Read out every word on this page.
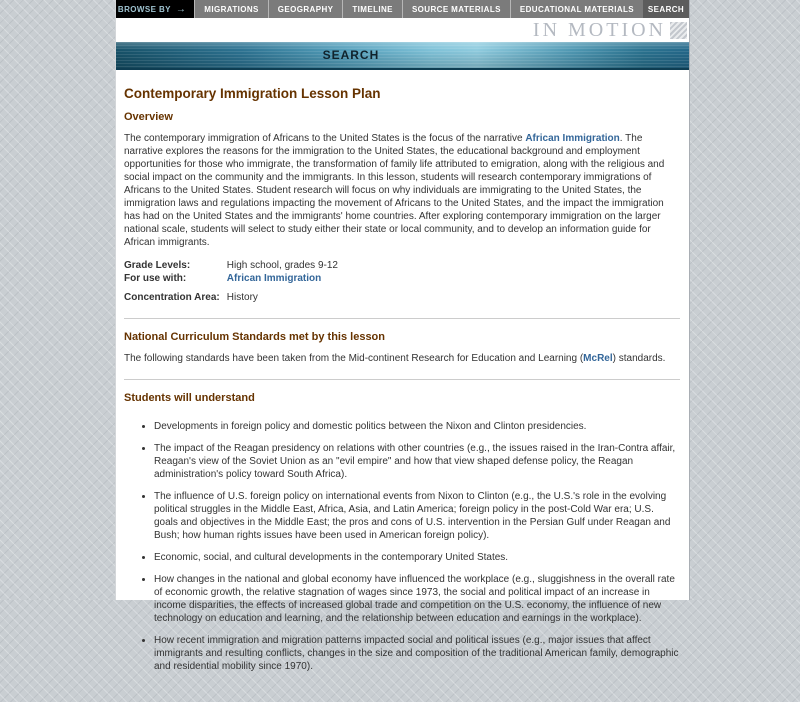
BROWSE BY →	MIGRATIONS	GEOGRAPHY	TIMELINE	SOURCE MATERIALS	EDUCATIONAL MATERIALS	SEARCH
IN MOTION
SEARCH
Contemporary Immigration Lesson Plan
Overview

The contemporary immigration of Africans to the United States is the focus of the narrative African Immigration. The narrative explores the reasons for the immigration to the United States, the educational background and employment opportunities for those who immigrate, the transformation of family life attributed to emigration, along with the religious and social impact on the community and the immigrants. In this lesson, students will research contemporary immigrations of Africans to the United States. Student research will focus on why individuals are immigrating to the United States, the immigration laws and regulations impacting the movement of Africans to the United States, and the impact the immigration has had on the United States and the immigrants' home countries. After exploring contemporary immigration on the larger national scale, students will select to study either their state or local community, and to develop an information guide for African immigrants.

Grade Levels:	High school, grades 9-12
For use with:	African Immigration
Concentration Area: History
National Curriculum Standards met by this lesson

The following standards have been taken from the Mid-continent Research for Education and Learning (McRel) standards.

Students will understand
• Developments in foreign policy and domestic politics between the Nixon and Clinton presidencies.
• The impact of the Reagan presidency on relations with other countries (e.g., the issues raised in the Iran-Contra affair, Reagan's view of the Soviet Union as an "evil empire" and how that view shaped defense policy, the Reagan administration's policy toward South Africa).
• The influence of U.S. foreign policy on international events from Nixon to Clinton (e.g., the U.S.'s role in the evolving political struggles in the Middle East, Africa, Asia, and Latin America; foreign policy in the post-Cold War era; U.S. goals and objectives in the Middle East; the pros and cons of U.S. intervention in the Persian Gulf under Reagan and Bush; how human rights issues have been used in American foreign policy).
• Economic, social, and cultural developments in the contemporary United States.
• How changes in the national and global economy have influenced the workplace (e.g., sluggishness in the overall rate of economic growth, the relative stagnation of wages since 1973, the social and political impact of an increase in income disparities, the effects of increased global trade and competition on the U.S. economy, the influence of new technology on education and learning, and the relationship between education and earnings in the workplace).
• How recent immigration and migration patterns impacted social and political issues (e.g., major issues that affect immigrants and resulting conflicts, changes in the size and composition of the traditional American family, demographic and residential mobility since 1970).
